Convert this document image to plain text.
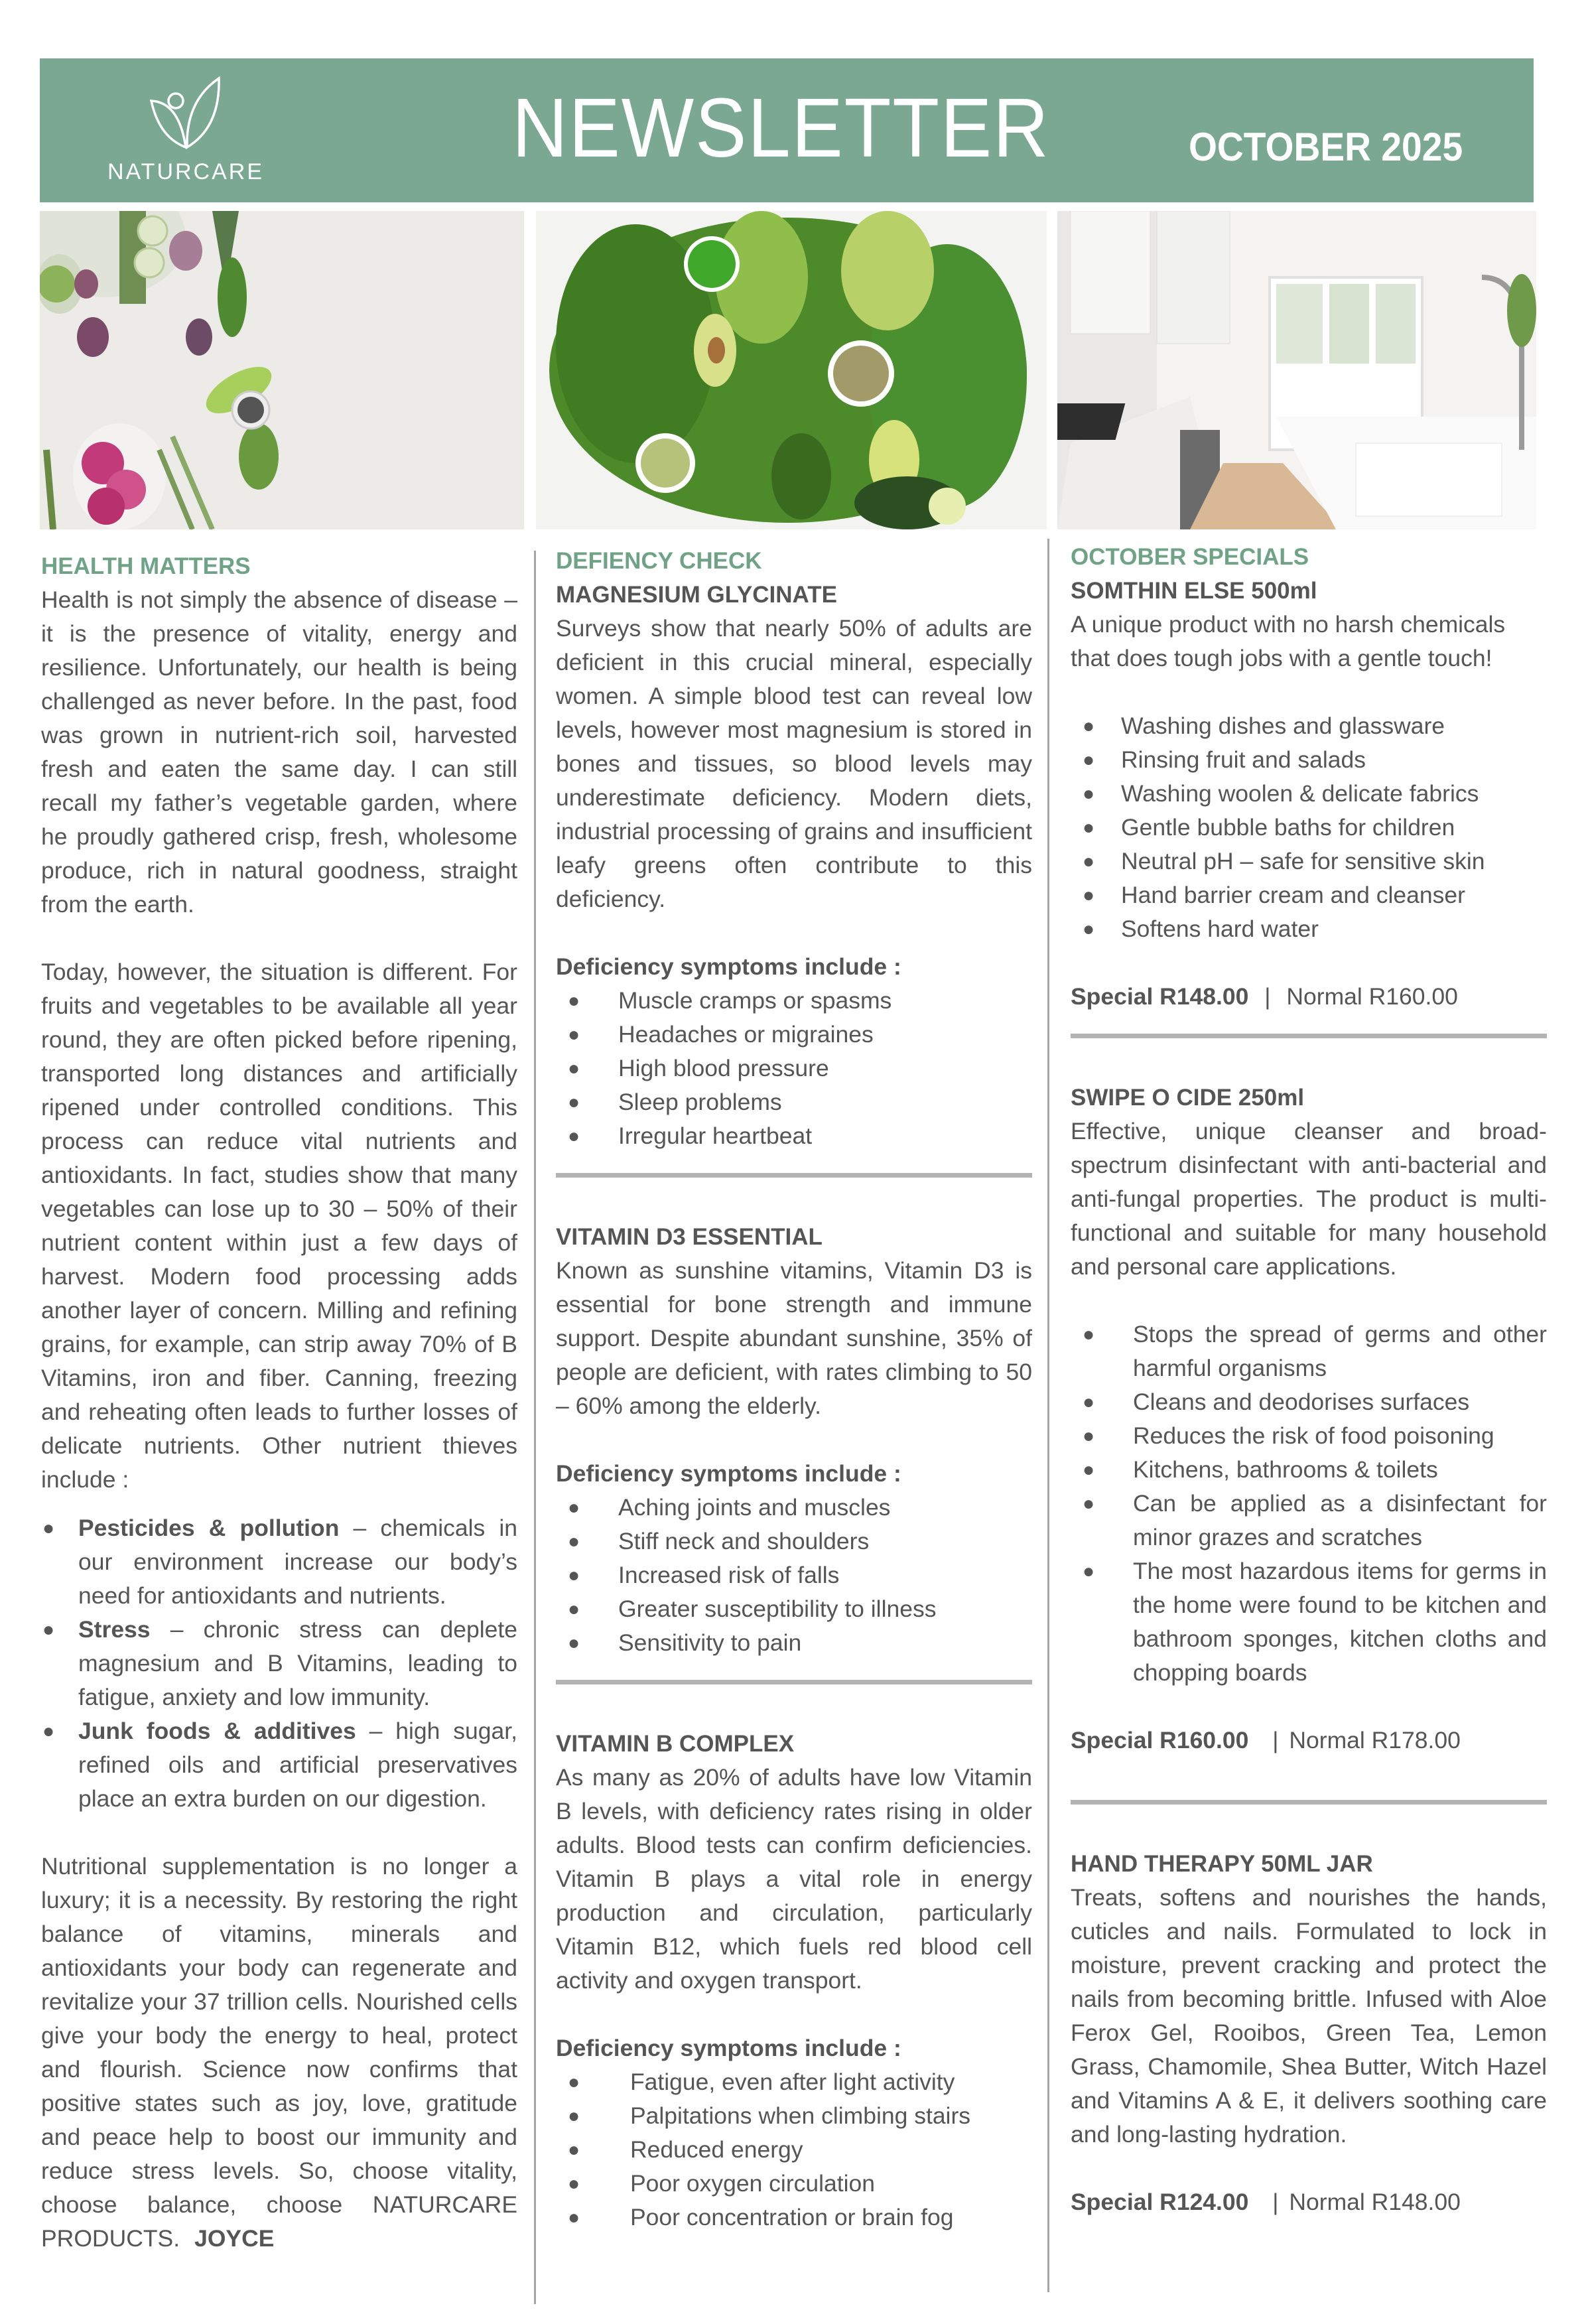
NATURCARE	NEWSLETTER	OCTOBER 2025
HEALTH MATTERS

Health is not simply the absence of disease – it is the presence of vitality, energy and resilience. Unfortunately, our health is being challenged as never before. In the past, food was grown in nutrient-rich soil, harvested fresh and eaten the same day. I can still recall my father’s vegetable garden, where he proudly gathered crisp, fresh, wholesome produce, rich in natural goodness, straight from the earth.

Today, however, the situation is different. For fruits and vegetables to be available all year round, they are often picked before ripening, transported long distances and artificially ripened under controlled conditions. This process can reduce vital nutrients and antioxidants. In fact, studies show that many vegetables can lose up to 30 – 50% of their nutrient content within just a few days of harvest. Modern food processing adds another layer of concern. Milling and refining grains, for example, can strip away 70% of B Vitamins, iron and fiber. Canning, freezing and reheating often leads to further losses of delicate nutrients. Other nutrient thieves include :

● Pesticides & pollution – chemicals in our environment increase our body’s need for antioxidants and nutrients.
● Stress – chronic stress can deplete magnesium and B Vitamins, leading to fatigue, anxiety and low immunity.
● Junk foods & additives – high sugar, refined oils and artificial preservatives place an extra burden on our digestion.

Nutritional supplementation is no longer a luxury; it is a necessity. By restoring the right balance of vitamins, minerals and antioxidants your body can regenerate and revitalize your 37 trillion cells. Nourished cells give your body the energy to heal, protect and flourish. Science now confirms that positive states such as joy, love, gratitude and peace help to boost our immunity and reduce stress levels. So, choose vitality, choose balance, choose NATURCARE PRODUCTS. JOYCE

DEFIENCY CHECK
MAGNESIUM GLYCINATE

Surveys show that nearly 50% of adults are deficient in this crucial mineral, especially women. A simple blood test can reveal low levels, however most magnesium is stored in bones and tissues, so blood levels may underestimate deficiency. Modern diets, industrial processing of grains and insufficient leafy greens often contribute to this deficiency.

Deficiency symptoms include :
● Muscle cramps or spasms
● Headaches or migraines
● High blood pressure
● Sleep problems
● Irregular heartbeat
VITAMIN D3 ESSENTIAL

Known as sunshine vitamins, Vitamin D3 is essential for bone strength and immune support. Despite abundant sunshine, 35% of people are deficient, with rates climbing to 50 – 60% among the elderly.

Deficiency symptoms include :
● Aching joints and muscles
● Stiff neck and shoulders
● Increased risk of falls
● Greater susceptibility to illness
● Sensitivity to pain
VITAMIN B COMPLEX

As many as 20% of adults have low Vitamin B levels, with deficiency rates rising in older adults. Blood tests can confirm deficiencies. Vitamin B plays a vital role in energy production and circulation, particularly Vitamin B12, which fuels red blood cell activity and oxygen transport.

Deficiency symptoms include :
● Fatigue, even after light activity
● Palpitations when climbing stairs
● Reduced energy
● Poor oxygen circulation
● Poor concentration or brain fog
OCTOBER SPECIALS
SOMTHIN ELSE 500ml

A unique product with no harsh chemicals that does tough jobs with a gentle touch!

● Washing dishes and glassware
● Rinsing fruit and salads
● Washing woolen & delicate fabrics
● Gentle bubble baths for children
● Neutral pH – safe for sensitive skin
● Hand barrier cream and cleanser
● Softens hard water
Special R148.00 | Normal R160.00
SWIPE O CIDE 250ml

Effective, unique cleanser and broad-spectrum disinfectant with anti-bacterial and anti-fungal properties. The product is multi-functional and suitable for many household and personal care applications.

● Stops the spread of germs and other harmful organisms
● Cleans and deodorises surfaces
● Reduces the risk of food poisoning
● Kitchens, bathrooms & toilets
● Can be applied as a disinfectant for minor grazes and scratches
● The most hazardous items for germs in the home were found to be kitchen and bathroom sponges, kitchen cloths and chopping boards
Special R160.00 | Normal R178.00
HAND THERAPY 50ML JAR

Treats, softens and nourishes the hands, cuticles and nails. Formulated to lock in moisture, prevent cracking and protect the nails from becoming brittle. Infused with Aloe Ferox Gel, Rooibos, Green Tea, Lemon Grass, Chamomile, Shea Butter, Witch Hazel and Vitamins A & E, it delivers soothing care and long-lasting hydration.

Special R124.00 | Normal R148.00
